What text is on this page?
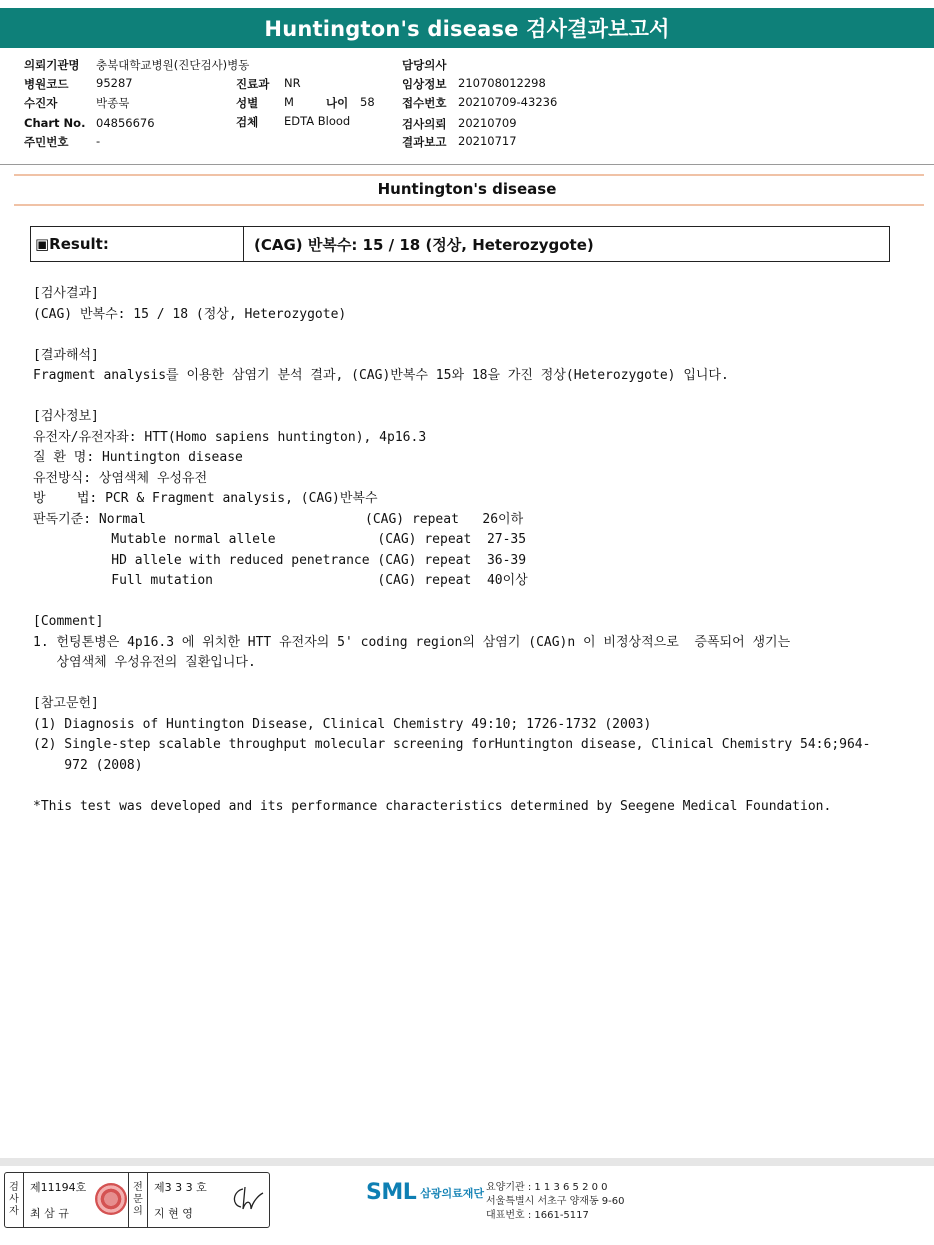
Huntington's disease 검사결과보고서
의뢰기관명	충북대학교병원(진단검사)병동
병원코드	95287
수진자	박종묵
Chart No. 04856676
주민번호	-
진료과	NR
성별	M	나이	58
검체	EDTA Blood
담당의사
임상정보	210708012298
접수번호	20210709-43236
검사의뢰	20210709
결과보고	20210717
Huntington's disease
▣Result:	(CAG) 반복수: 15 / 18 (정상, Heterozygote)
[검사결과]
(CAG) 반복수: 15 / 18 (정상, Heterozygote)
[결과해석]
Fragment analysis를 이용한 삼염기 분석 결과, (CAG)반복수 15와 18을 가진 정상(Heterozygote) 입니다.
[검사정보]
유전자/유전자좌: HTT(Homo sapiens huntington), 4p16.3
질 환 명: Huntington disease
유전방식: 상염색체 우성유전
방    법: PCR & Fragment analysis, (CAG)반복수
판독기준: Normal                            (CAG) repeat   26이하
Mutable normal allele             (CAG) repeat  27-35
HD allele with reduced penetrance (CAG) repeat  36-39
Full mutation                     (CAG) repeat  40이상
[Comment]
1. 헌팅톤병은 4p16.3 에 위치한 HTT 유전자의 5' coding region의 삼염기 (CAG)n 이 비정상적으로  증폭되어 생기는
상염색체 우성유전의 질환입니다.
[참고문헌]
(1) Diagnosis of Huntington Disease, Clinical Chemistry 49:10; 1726-1732 (2003)
(2) Single-step scalable throughput molecular screening forHuntington disease, Clinical Chemistry 54:6;964-
972 (2008)
*This test was developed and its performance characteristics determined by Seegene Medical Foundation.
검
사
자
제11194호
최 삼 규
전
문
의
제3 3 3 호
지 현 영
SML 삼광의료재단 요양기관 : 1 1 3 6 5 2 0 0
서울특별시 서초구 양재동 9-60
대표번호 : 1661-5117
